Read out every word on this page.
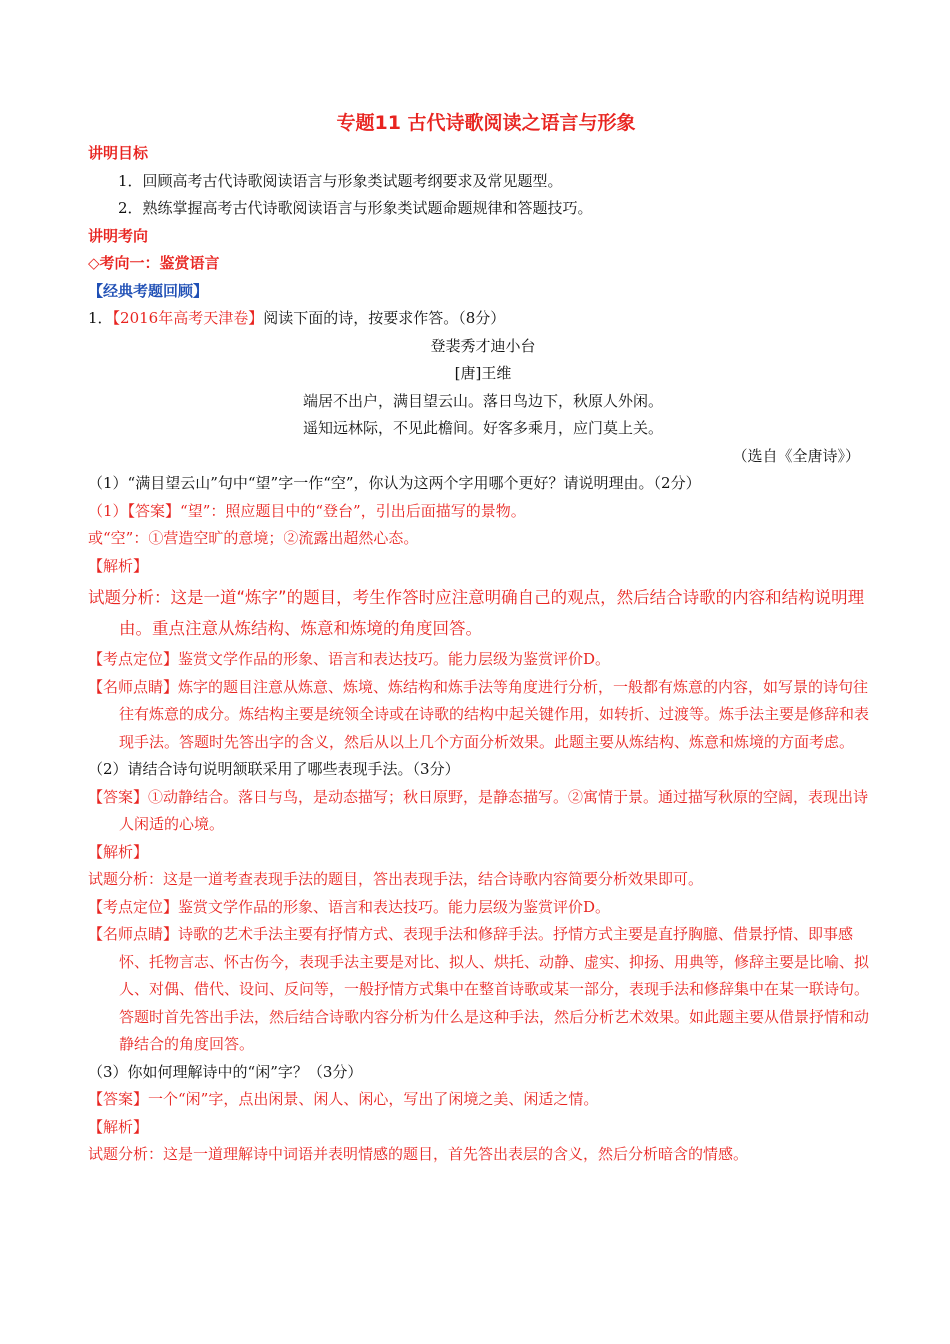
专题11 古代诗歌阅读之语言与形象
讲明目标
1．回顾高考古代诗歌阅读语言与形象类试题考纲要求及常见题型。
2．熟练掌握高考古代诗歌阅读语言与形象类试题命题规律和答题技巧。
讲明考向
◇考向一：鉴赏语言
【经典考题回顾】
1．【2016年高考天津卷】阅读下面的诗，按要求作答。（8分）
登裴秀才迪小台
[唐]王维
端居不出户，满目望云山。落日鸟边下，秋原人外闲。
遥知远林际，不见此檐间。好客多乘月，应门莫上关。
（选自《全唐诗》）
（1）“满目望云山”句中“望”字一作“空”，你认为这两个字用哪个更好？请说明理由。（2分）
（1）【答案】“望”：照应题目中的“登台”，引出后面描写的景物。
或“空”：①营造空旷的意境；②流露出超然心态。
【解析】
试题分析：这是一道“炼字”的题目，考生作答时应注意明确自己的观点，然后结合诗歌的内容和结构说明理由。重点注意从炼结构、炼意和炼境的角度回答。
【考点定位】鉴赏文学作品的形象、语言和表达技巧。能力层级为鉴赏评价D。
【名师点睛】炼字的题目注意从炼意、炼境、炼结构和炼手法等角度进行分析，一般都有炼意的内容，如写景的诗句往往有炼意的成分。炼结构主要是统领全诗或在诗歌的结构中起关键作用，如转折、过渡等。炼手法主要是修辞和表现手法。答题时先答出字的含义，然后从以上几个方面分析效果。此题主要从炼结构、炼意和炼境的方面考虑。
（2）请结合诗句说明颔联采用了哪些表现手法。（3分）
【答案】①动静结合。落日与鸟，是动态描写；秋日原野，是静态描写。②寓情于景。通过描写秋原的空阔，表现出诗人闲适的心境。
【解析】
试题分析：这是一道考查表现手法的题目，答出表现手法，结合诗歌内容简要分析效果即可。
【考点定位】鉴赏文学作品的形象、语言和表达技巧。能力层级为鉴赏评价D。
【名师点睛】诗歌的艺术手法主要有抒情方式、表现手法和修辞手法。抒情方式主要是直抒胸臆、借景抒情、即事感怀、托物言志、怀古伤今，表现手法主要是对比、拟人、烘托、动静、虚实、抑扬、用典等，修辞主要是比喻、拟人、对偶、借代、设问、反问等，一般抒情方式集中在整首诗歌或某一部分，表现手法和修辞集中在某一联诗句。答题时首先答出手法，然后结合诗歌内容分析为什么是这种手法，然后分析艺术效果。如此题主要从借景抒情和动静结合的角度回答。
（3）你如何理解诗中的“闲”字？（3分）
【答案】一个“闲”字，点出闲景、闲人、闲心，写出了闲境之美、闲适之情。
【解析】
试题分析：这是一道理解诗中词语并表明情感的题目，首先答出表层的含义，然后分析暗含的情感。
